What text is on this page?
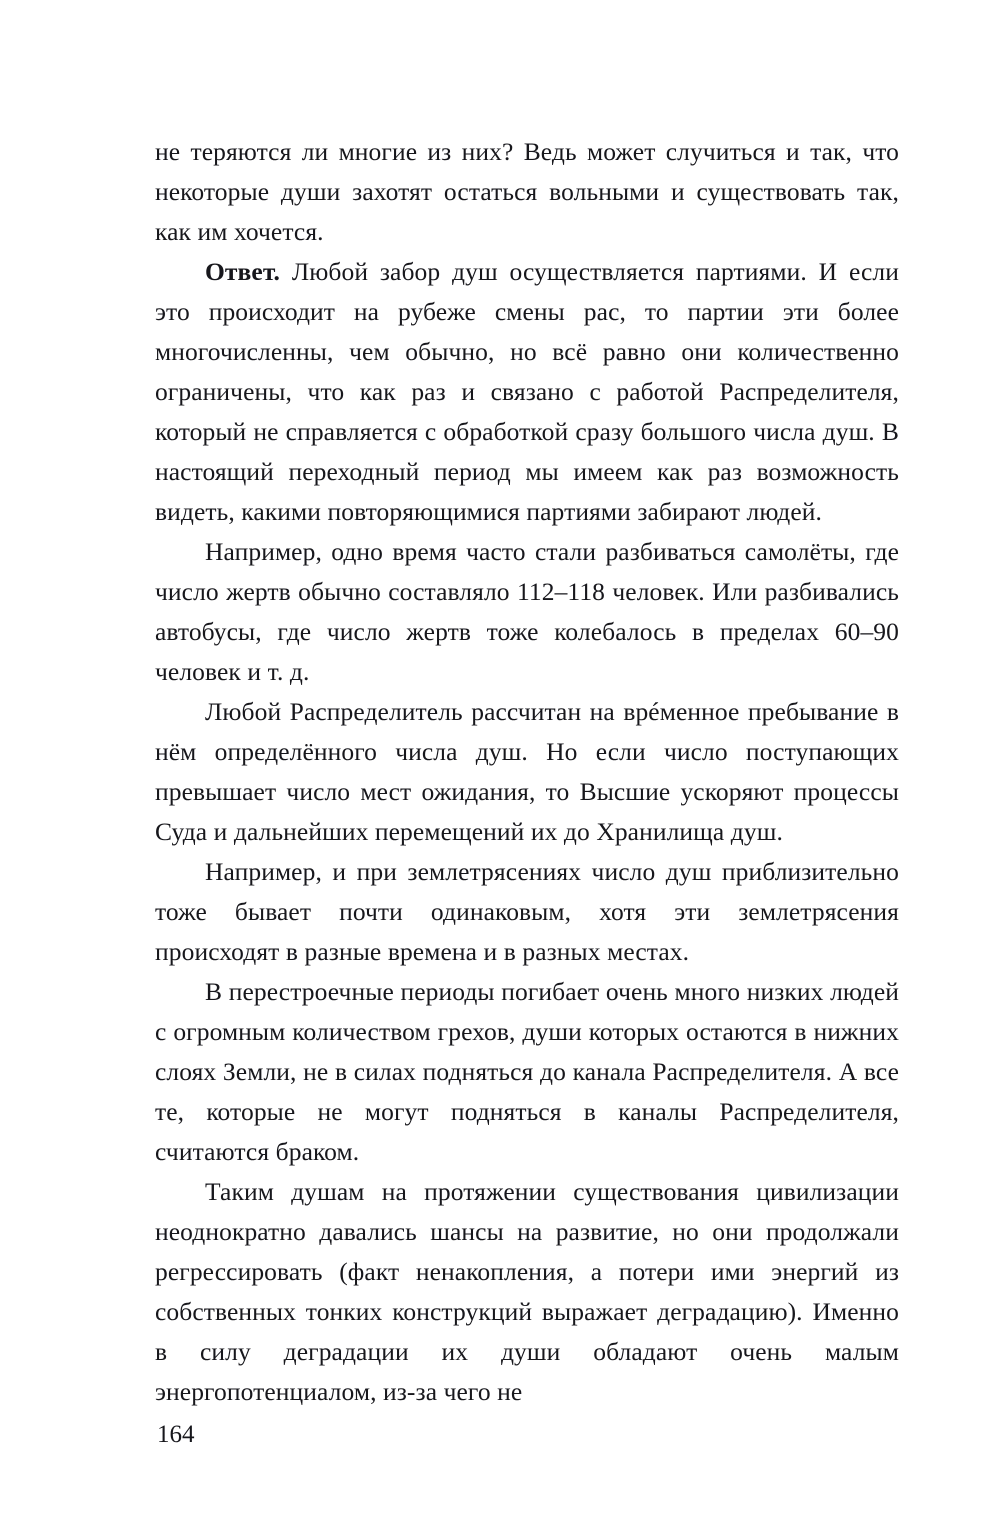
не теряются ли многие из них? Ведь может случиться и так, что некоторые души захотят остаться вольными и существовать так, как им хочется.

Ответ. Любой забор душ осуществляется партиями. И если это происходит на рубеже смены рас, то партии эти более многочисленны, чем обычно, но всё равно они количественно ограничены, что как раз и связано с работой Распределителя, который не справляется с обработкой сразу большого числа душ. В настоящий переходный период мы имеем как раз возможность видеть, какими повторяющимися партиями забирают людей.

Например, одно время часто стали разбиваться самолёты, где число жертв обычно составляло 112–118 человек. Или разбивались автобусы, где число жертв тоже колебалось в пределах 60–90 человек и т. д.

Любой Распределитель рассчитан на врéменное пребывание в нём определённого числа душ. Но если число поступающих превышает число мест ожидания, то Высшие ускоряют процессы Суда и дальнейших перемещений их до Хранилища душ.

Например, и при землетрясениях число душ приблизительно тоже бывает почти одинаковым, хотя эти землетрясения происходят в разные времена и в разных местах.

В перестроечные периоды погибает очень много низких людей с огромным количеством грехов, души которых остаются в нижних слоях Земли, не в силах подняться до канала Распределителя. А все те, которые не могут подняться в каналы Распределителя, считаются браком.

Таким душам на протяжении существования цивилизации неоднократно давались шансы на развитие, но они продолжали регрессировать (факт ненакопления, а потери ими энергий из собственных тонких конструкций выражает деградацию). Именно в силу деградации их души обладают очень малым энергопотенциалом, из-за чего не

164
